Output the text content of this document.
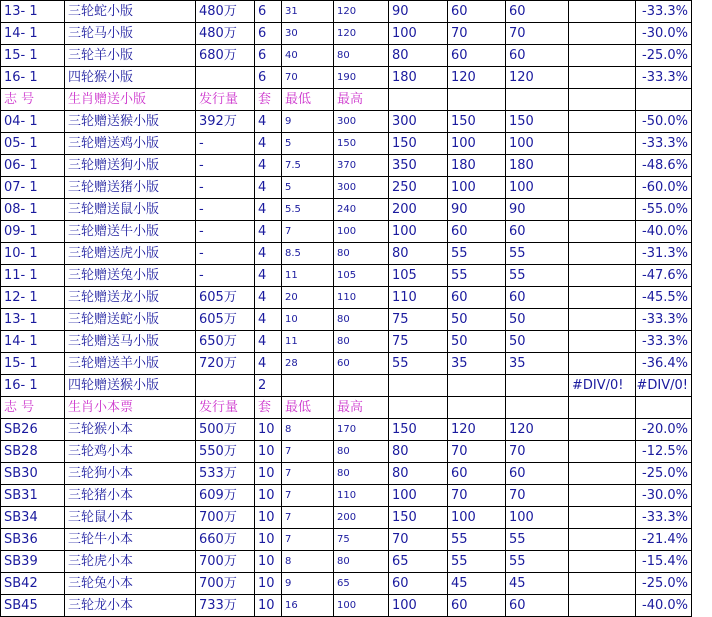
13- 1	三轮蛇小版	480万	6	31	120	90	60	60		-33.3%
14- 1	三轮马小版	480万	6	30	120	100	70	70		-30.0%
15- 1	三轮羊小版	680万	6	40	80	80	60	60		-25.0%
16- 1	四轮猴小版		6	70	190	180	120	120		-33.3%
志 号	生肖赠送小版	发行量	套	最低	最高					
04- 1	三轮赠送猴小版	392万	4	9	300	300	150	150		-50.0%
05- 1	三轮赠送鸡小版	-	4	5	150	150	100	100		-33.3%
06- 1	三轮赠送狗小版	-	4	7.5	370	350	180	180		-48.6%
07- 1	三轮赠送猪小版	-	4	5	300	250	100	100		-60.0%
08- 1	三轮赠送鼠小版	-	4	5.5	240	200	90	90		-55.0%
09- 1	三轮赠送牛小版	-	4	7	100	100	60	60		-40.0%
10- 1	三轮赠送虎小版	-	4	8.5	80	80	55	55		-31.3%
11- 1	三轮赠送兔小版	-	4	11	105	105	55	55		-47.6%
12- 1	三轮赠送龙小版	605万	4	20	110	110	60	60		-45.5%
13- 1	三轮赠送蛇小版	605万	4	10	80	75	50	50		-33.3%
14- 1	三轮赠送马小版	650万	4	11	80	75	50	50		-33.3%
15- 1	三轮赠送羊小版	720万	4	28	60	55	35	35		-36.4%
16- 1	四轮赠送猴小版		2						#DIV/0!	#DIV/0!
志 号	生肖小本票	发行量	套	最低	最高					
SB26	三轮猴小本	500万	10	8	170	150	120	120		-20.0%
SB28	三轮鸡小本	550万	10	7	80	80	70	70		-12.5%
SB30	三轮狗小本	533万	10	7	80	80	60	60		-25.0%
SB31	三轮猪小本	609万	10	7	110	100	70	70		-30.0%
SB34	三轮鼠小本	700万	10	7	200	150	100	100		-33.3%
SB36	三轮牛小本	660万	10	7	75	70	55	55		-21.4%
SB39	三轮虎小本	700万	10	8	80	65	55	55		-15.4%
SB42	三轮兔小本	700万	10	9	65	60	45	45		-25.0%
SB45	三轮龙小本	733万	10	16	100	100	60	60		-40.0%
